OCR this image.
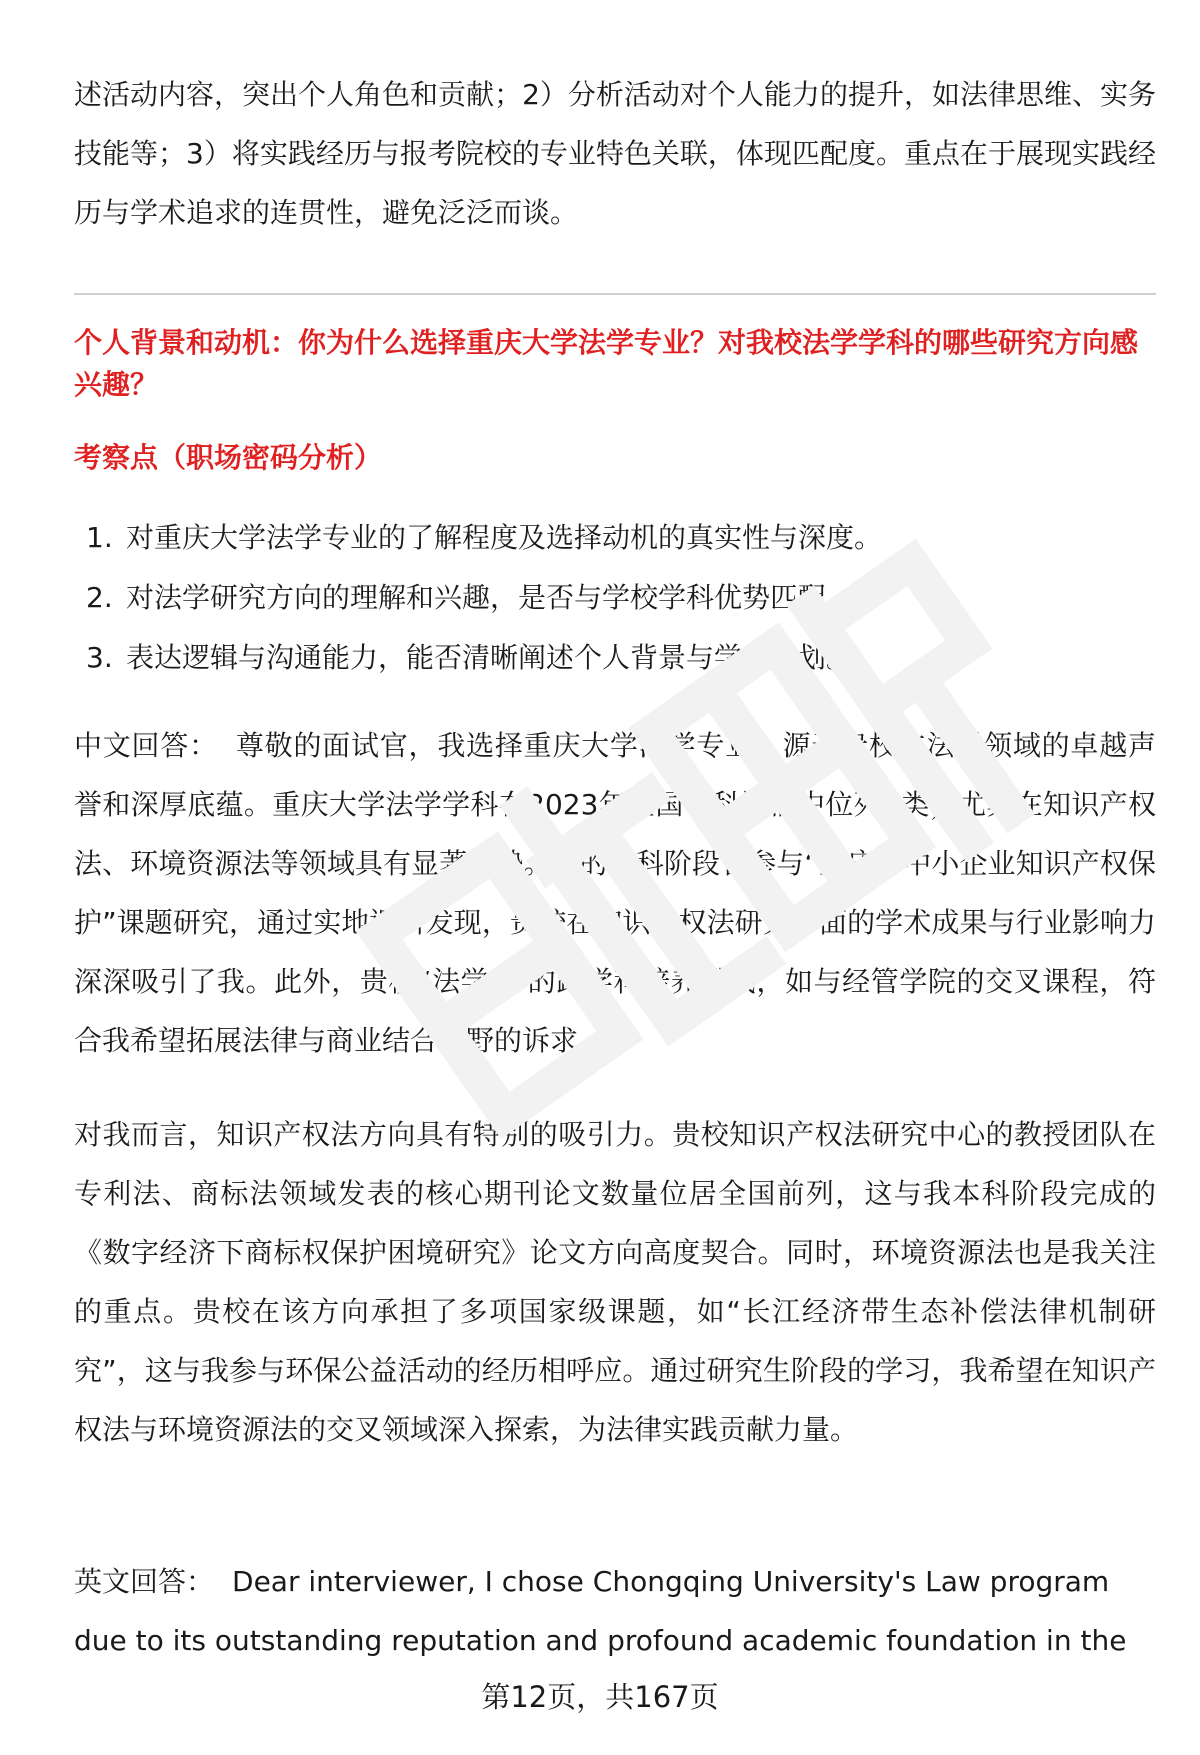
述活动内容，突出个人角色和贡献；2）分析活动对个人能力的提升，如法律思维、实务技能等；3）将实践经历与报考院校的专业特色关联，体现匹配度。重点在于展现实践经历与学术追求的连贯性，避免泛泛而谈。

个人背景和动机：你为什么选择重庆大学法学专业？对我校法学学科的哪些研究方向感兴趣？

考察点（职场密码分析）

1. 对重庆大学法学专业的了解程度及选择动机的真实性与深度。
2. 对法学研究方向的理解和兴趣，是否与学校学科优势匹配。
3. 表达逻辑与沟通能力，能否清晰阐述个人背景与学术规划。

中文回答： 尊敬的面试官，我选择重庆大学法学专业，源于贵校在法学领域的卓越声誉和深厚底蕴。重庆大学法学学科在2023年全国学科评估中位列A类，尤其在知识产权法、环境资源法等领域具有显著优势。我的本科阶段曾参与“重庆市中小企业知识产权保护”课题研究，通过实地调研发现，贵校在知识产权法研究方面的学术成果与行业影响力深深吸引了我。此外，贵校“法学+”的跨学科培养模式，如与经管学院的交叉课程，符合我希望拓展法律与商业结合视野的诉求。

对我而言，知识产权法方向具有特别的吸引力。贵校知识产权法研究中心的教授团队在专利法、商标法领域发表的核心期刊论文数量位居全国前列，这与我本科阶段完成的《数字经济下商标权保护困境研究》论文方向高度契合。同时，环境资源法也是我关注的重点。贵校在该方向承担了多项国家级课题，如“长江经济带生态补偿法律机制研究”，这与我参与环保公益活动的经历相呼应。通过研究生阶段的学习，我希望在知识产权法与环境资源法的交叉领域深入探索，为法律实践贡献力量。

英文回答： Dear interviewer, I chose Chongqing University's Law program due to its outstanding reputation and profound academic foundation in the

第12页，共167页
